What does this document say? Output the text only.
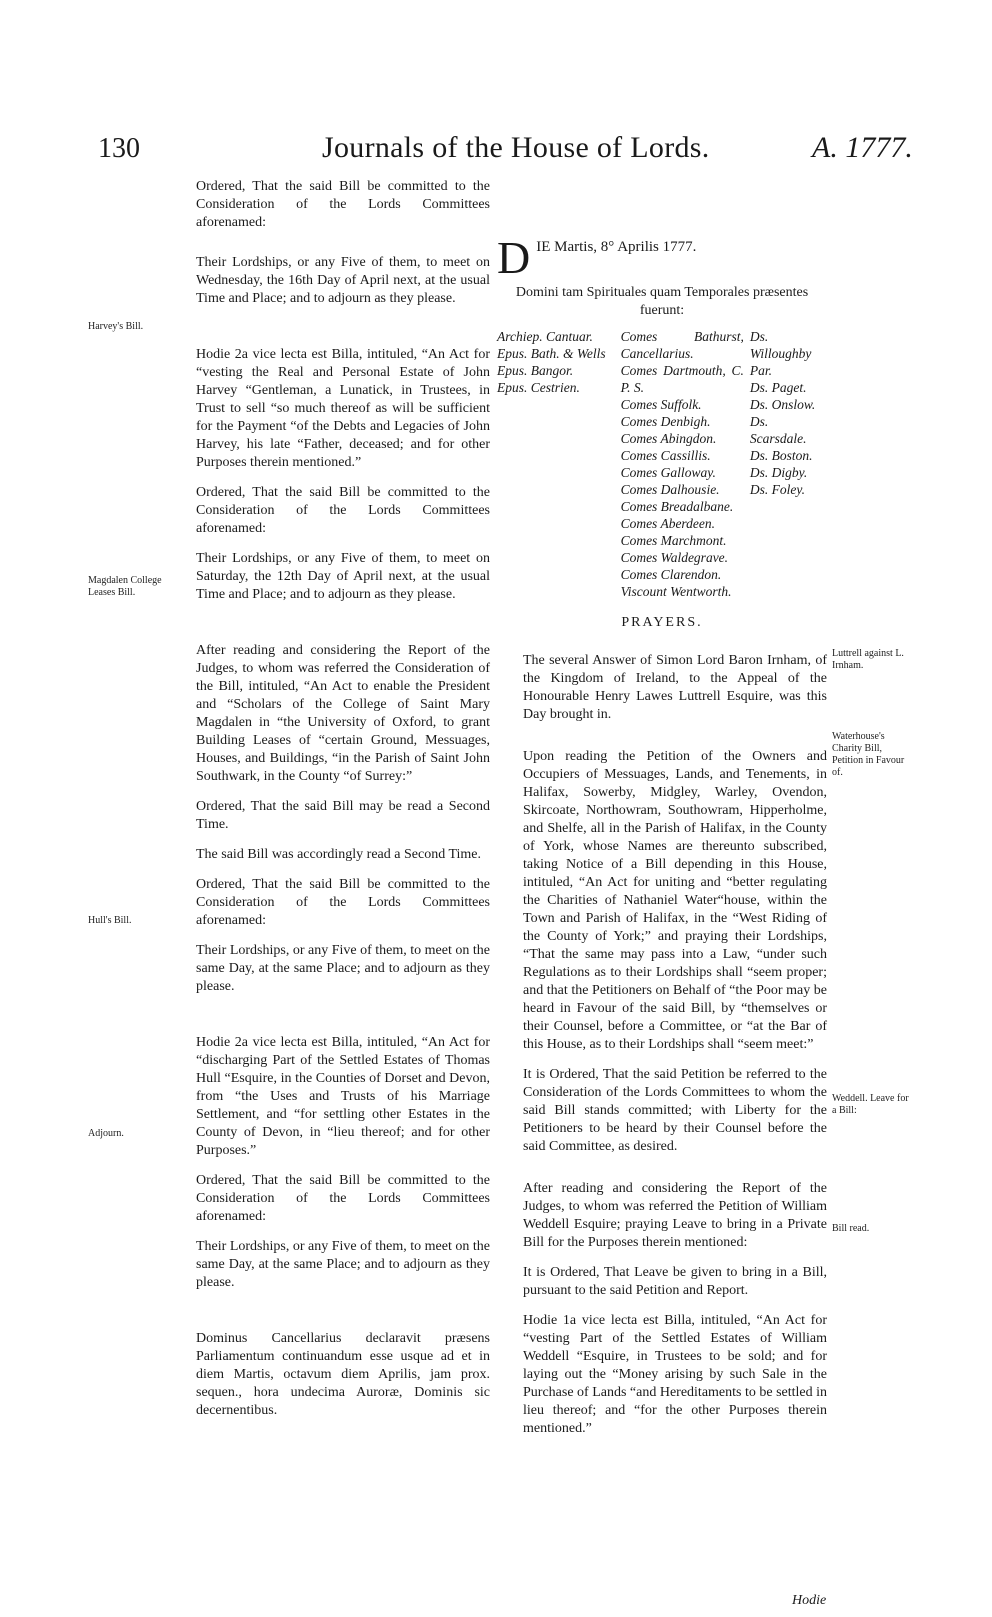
130	Journals of the House of Lords.	A. 1777.
Harvey's Bill.
Magdalen College Leases Bill.
Hull's Bill.
Adjourn.

Ordered, That the said Bill be committed to the Consideration of the Lords Committees aforenamed:

Their Lordships, or any Five of them, to meet on Wednesday, the 16th Day of April next, at the usual Time and Place; and to adjourn as they please.

Hodie 2a vice lecta est Billa, intituled, “An Act for “vesting the Real and Personal Estate of John Harvey “Gentleman, a Lunatick, in Trustees, in Trust to sell “so much thereof as will be sufficient for the Payment “of the Debts and Legacies of John Harvey, his late “Father, deceased; and for other Purposes therein mentioned.”

Ordered, That the said Bill be committed to the Consideration of the Lords Committees aforenamed:

Their Lordships, or any Five of them, to meet on Saturday, the 12th Day of April next, at the usual Time and Place; and to adjourn as they please.

After reading and considering the Report of the Judges, to whom was referred the Consideration of the Bill, intituled, “An Act to enable the President and “Scholars of the College of Saint Mary Magdalen in “the University of Oxford, to grant Building Leases of “certain Ground, Messuages, Houses, and Buildings, “in the Parish of Saint John Southwark, in the County “of Surrey:”

Ordered, That the said Bill may be read a Second Time.

The said Bill was accordingly read a Second Time.

Ordered, That the said Bill be committed to the Consideration of the Lords Committees aforenamed:

Their Lordships, or any Five of them, to meet on the same Day, at the same Place; and to adjourn as they please.

Hodie 2a vice lecta est Billa, intituled, “An Act for “discharging Part of the Settled Estates of Thomas Hull “Esquire, in the Counties of Dorset and Devon, from “the Uses and Trusts of his Marriage Settlement, and “for settling other Estates in the County of Devon, in “lieu thereof; and for other Purposes.”

Ordered, That the said Bill be committed to the Consideration of the Lords Committees aforenamed:

Their Lordships, or any Five of them, to meet on the same Day, at the same Place; and to adjourn as they please.

Dominus Cancellarius declaravit præsens Parliamentum continuandum esse usque ad et in diem Martis, octavum diem Aprilis, jam prox. sequen., hora undecima Auroræ, Dominis sic decernentibus.

Luttrell against L. Irnham.
Waterhouse's Charity Bill, Petition in Favour of.
Weddell. Leave for a Bill:
Bill read.
D IE Martis, 8° Aprilis 1777.

Domini tam Spirituales quam Temporales præsentes fuerunt:

Archiep. Cantuar.
Epus. Bath. & Wells
Epus. Bangor.
Epus. Cestrien.
Comes Bathurst, Cancellarius.
Comes Dartmouth, C. P. S.
Comes Suffolk.
Comes Denbigh.
Comes Abingdon.
Comes Cassillis.
Comes Galloway.
Comes Dalhousie.
Comes Breadalbane.
Comes Aberdeen.
Comes Marchmont.
Comes Waldegrave.
Comes Clarendon.
Viscount Wentworth.
Ds. Willoughby Par.
Ds. Paget.
Ds. Onslow.
Ds. Scarsdale.
Ds. Boston.
Ds. Digby.
Ds. Foley.
PRAYERS.

The several Answer of Simon Lord Baron Irnham, of the Kingdom of Ireland, to the Appeal of the Honourable Henry Lawes Luttrell Esquire, was this Day brought in.

Upon reading the Petition of the Owners and Occupiers of Messuages, Lands, and Tenements, in Halifax, Sowerby, Midgley, Warley, Ovendon, Skircoate, Northowram, Southowram, Hipperholme, and Shelfe, all in the Parish of Halifax, in the County of York, whose Names are thereunto subscribed, taking Notice of a Bill depending in this House, intituled, “An Act for uniting and “better regulating the Charities of Nathaniel Water“house, within the Town and Parish of Halifax, in the “West Riding of the County of York;” and praying their Lordships, “That the same may pass into a Law, “under such Regulations as to their Lordships shall “seem proper; and that the Petitioners on Behalf of “the Poor may be heard in Favour of the said Bill, by “themselves or their Counsel, before a Committee, or “at the Bar of this House, as to their Lordships shall “seem meet:”

It is Ordered, That the said Petition be referred to the Consideration of the Lords Committees to whom the said Bill stands committed; with Liberty for the Petitioners to be heard by their Counsel before the said Committee, as desired.

After reading and considering the Report of the Judges, to whom was referred the Petition of William Weddell Esquire; praying Leave to bring in a Private Bill for the Purposes therein mentioned:

It is Ordered, That Leave be given to bring in a Bill, pursuant to the said Petition and Report.

Hodie 1a vice lecta est Billa, intituled, “An Act for “vesting Part of the Settled Estates of William Weddell “Esquire, in Trustees to be sold; and for laying out the “Money arising by such Sale in the Purchase of Lands “and Hereditaments to be settled in lieu thereof; and “for the other Purposes therein mentioned.”

Hodie
